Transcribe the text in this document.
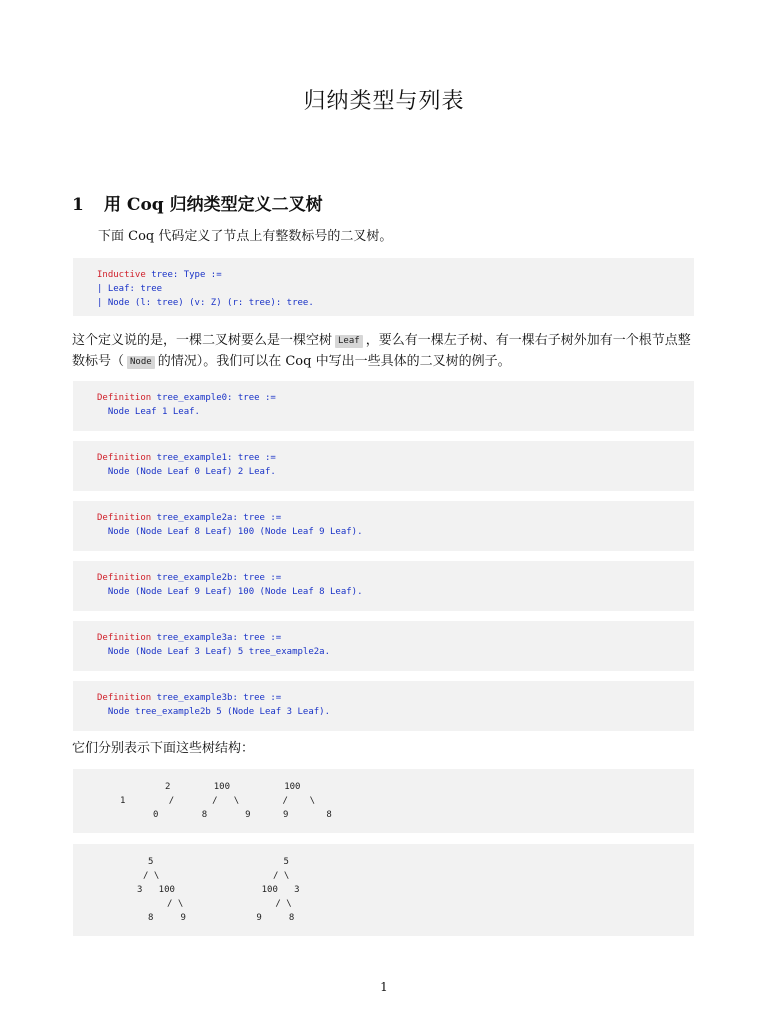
归纳类型与列表
1 用 Coq 归纳类型定义二叉树
下面 Coq 代码定义了节点上有整数标号的二叉树。
Inductive tree: Type :=
| Leaf: tree
| Node (l: tree) (v: Z) (r: tree): tree.
这个定义说的是，一棵二叉树要么是一棵空树 Leaf ，要么有一棵左子树、有一棵右子树外加有一个根节点整数标号（ Node 的情况）。我们可以在 Coq 中写出一些具体的二叉树的例子。
Definition tree_example0: tree :=
Node Leaf 1 Leaf.
Definition tree_example1: tree :=
Node (Node Leaf 0 Leaf) 2 Leaf.
Definition tree_example2a: tree :=
Node (Node Leaf 8 Leaf) 100 (Node Leaf 9 Leaf).
Definition tree_example2b: tree :=
Node (Node Leaf 9 Leaf) 100 (Node Leaf 8 Leaf).
Definition tree_example3a: tree :=
Node (Node Leaf 3 Leaf) 5 tree_example2a.
Definition tree_example3b: tree :=
Node tree_example2b 5 (Node Leaf 3 Leaf).
它们分别表示下面这些树结构：
2        100          100
1        /       /   \        /    \
0        8       9      9       8
5                        5
/ \                     / \
3   100                100   3
/ \                 / \
8     9             9     8
1
